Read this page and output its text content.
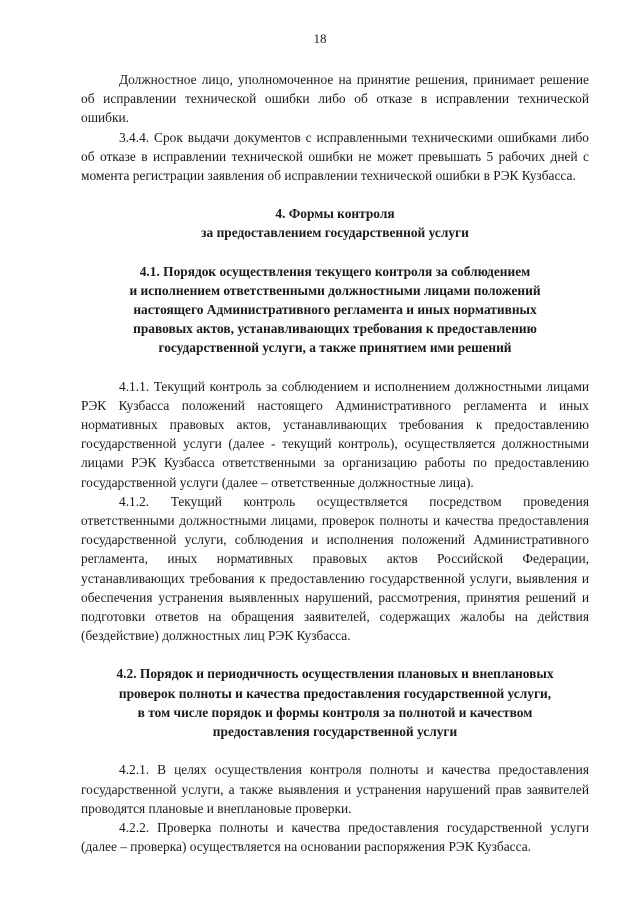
18

Должностное лицо, уполномоченное на принятие решения, принимает решение об исправлении технической ошибки либо об отказе в исправлении технической ошибки.

3.4.4. Срок выдачи документов с исправленными техническими ошибками либо об отказе в исправлении технической ошибки не может превышать 5 рабочих дней с момента регистрации заявления об исправлении технической ошибки в РЭК Кузбасса.

4. Формы контроля

за предоставлением государственной услуги

4.1. Порядок осуществления текущего контроля за соблюдением

и исполнением ответственными должностными лицами положений

настоящего Административного регламента и иных нормативных

правовых актов, устанавливающих требования к предоставлению

государственной услуги, а также принятием ими решений

4.1.1. Текущий контроль за соблюдением и исполнением должностными лицами РЭК Кузбасса положений настоящего Административного регламента и иных нормативных правовых актов, устанавливающих требования к предоставлению государственной услуги (далее - текущий контроль), осуществляется должностными лицами РЭК Кузбасса ответственными за организацию работы по предоставлению государственной услуги (далее – ответственные должностные лица).

4.1.2. Текущий контроль осуществляется посредством проведения ответственными должностными лицами, проверок полноты и качества предоставления государственной услуги, соблюдения и исполнения положений Административного регламента, иных нормативных правовых актов Российской Федерации, устанавливающих требования к предоставлению государственной услуги, выявления и обеспечения устранения выявленных нарушений, рассмотрения, принятия решений и подготовки ответов на обращения заявителей, содержащих жалобы на действия (бездействие) должностных лиц РЭК Кузбасса.

4.2. Порядок и периодичность осуществления плановых и внеплановых

проверок полноты и качества предоставления государственной услуги,

в том числе порядок и формы контроля за полнотой и качеством

предоставления государственной услуги

4.2.1. В целях осуществления контроля полноты и качества предоставления государственной услуги, а также выявления и устранения нарушений прав заявителей проводятся плановые и внеплановые проверки.

4.2.2. Проверка полноты и качества предоставления государственной услуги (далее – проверка) осуществляется на основании распоряжения РЭК Кузбасса.
